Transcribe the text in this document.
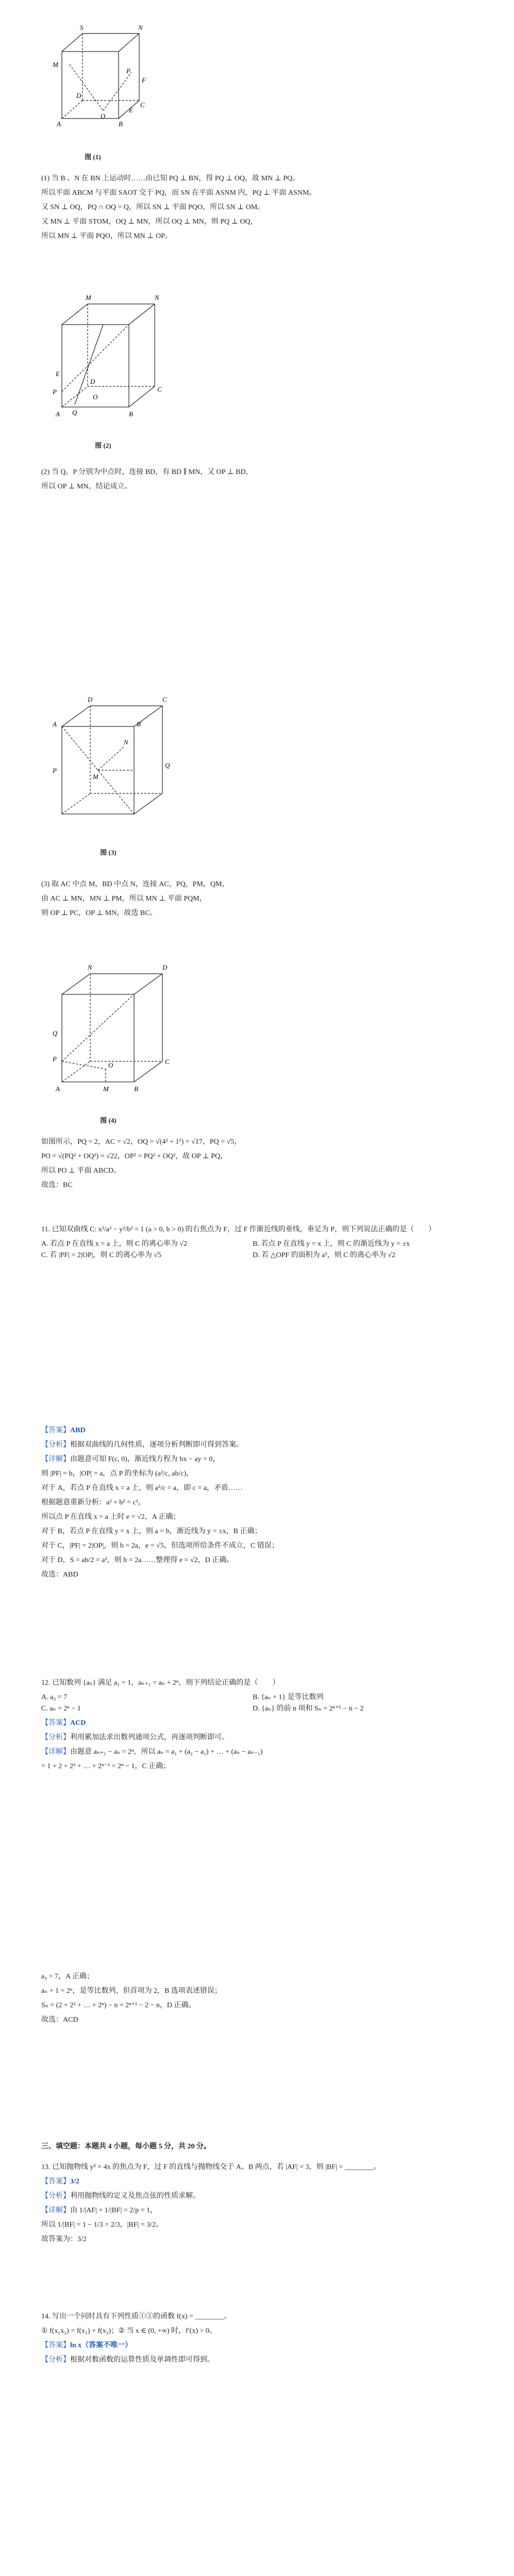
S	N
M
F
P
D
C
A	B
O
E
图 (1)
(1) 当 B 、N 在 BN 上运动时……由已知 PQ ⊥ BN，得 PQ ⊥ OQ，故 MN ⊥ PQ。
所以平面 ABCM 与平面 SAOT 交于 PQ，而 SN 在平面 ASNM 内，PQ ⊥ 平面 ASNM。
又 SN ⊥ OQ，PQ ∩ OQ = Q，所以 SN ⊥ 平面 PQO，所以 SN ⊥ OM。
又 MN ⊥ 平面 STOM，OQ ⊥ MN，所以 OQ ⊥ MN，则 PQ ⊥ OQ，
所以 MN ⊥ 平面 PQO，所以 MN ⊥ OP。
M	N
C
D
A	B
P
Q
E
O
图 (2)
(2) 当 Q、P 分别为中点时，连接 BD，有 BD ∥ MN，又 OP ⊥ BD，
所以 OP ⊥ MN，结论成立。
D	C
A	B
P
Q
M
N
图 (3)
(3) 取 AC 中点 M，BD 中点 N，连接 AC，PQ，PM，QM，
由 AC ⊥ MN，MN ⊥ PM，所以 MN ⊥ 平面 PQM，
则 OP ⊥ PC，OP ⊥ MN，故选 BC。
N	D
C
A	B
P
Q
O
M
图 (4)
如图所示，PQ = 2，AC = √2，OQ = √(4² + 1²) = √17，PQ = √5，
PO = √(PQ² + OQ²) = √22，OP² = PQ² + OQ²，故 OP ⊥ PQ，
所以 PO ⊥ 平面 ABCD。
故选：BC
11. 已知双曲线 C: x²/a² − y²/b² = 1 (a > 0, b > 0) 的右焦点为 F，过 F 作渐近线的垂线，垂足为 P，则下列说法正确的是（　　）
A. 若点 P 在直线 x = a 上，则 C 的离心率为 √2	B. 若点 P 在直线 y = x 上，则 C 的渐近线为 y = ±x C. 若 |PF| = 2|OP|，则 C 的离心率为 √5	D. 若 △OPF 的面积为 a²，则 C 的离心率为 √2
【答案】ABD
【分析】根据双曲线的几何性质，逐项分析判断即可得到答案。
【详解】由题意可知 F(c, 0)，渐近线方程为 bx − ay = 0，
则 |PF| = b，|OP| = a，点 P 的坐标为 (a²/c, ab/c)，
对于 A，若点 P 在直线 x = a 上，则 a²/c = a，即 c = a，矛盾……
根据题意重新分析：a² + b² = c²，
所以点 P 在直线 x = a 上时 e = √2，A 正确；
对于 B，若点 P 在直线 y = x 上，则 a = b，渐近线为 y = ±x，B 正确；
对于 C，|PF| = 2|OP|，则 b = 2a，e = √5，但选项所给条件不成立，C 错误；
对于 D，S = ab/2 = a²，则 b = 2a……整理得 e = √2，D 正确。
故选：ABD
12. 已知数列 {aₙ} 满足 a₁ = 1，aₙ₊₁ = aₙ + 2ⁿ，则下列结论正确的是（　　）
A. a₃ = 7	B. {aₙ + 1} 是等比数列 C. aₙ = 2ⁿ − 1	D. {aₙ} 的前 n 项和 Sₙ = 2ⁿ⁺¹ − n − 2
【答案】ACD
【分析】利用累加法求出数列通项公式，再逐项判断即可。
【详解】由题意 aₙ₊₁ − aₙ = 2ⁿ，所以 aₙ = a₁ + (a₂ − a₁) + … + (aₙ − aₙ₋₁)
= 1 + 2 + 2² + … + 2ⁿ⁻¹ = 2ⁿ − 1，C 正确；
a₃ = 7，A 正确；
aₙ + 1 = 2ⁿ，是等比数列，但首项为 2，B 选项表述错误；
Sₙ = (2 + 2² + … + 2ⁿ) − n = 2ⁿ⁺¹ − 2 − n，D 正确。
故选：ACD
三、填空题：本题共 4 小题，每小题 5 分，共 20 分。
13. 已知抛物线 y² = 4x 的焦点为 F，过 F 的直线与抛物线交于 A、B 两点，若 |AF| = 3，则 |BF| = ________。
【答案】3/2
【分析】利用抛物线的定义及焦点弦的性质求解。
【详解】由 1/|AF| + 1/|BF| = 2/p = 1，
所以 1/|BF| = 1 − 1/3 = 2/3，|BF| = 3/2。
故答案为：3/2
14. 写出一个同时具有下列性质①②的函数 f(x) = ________。
① f(x₁x₂) = f(x₁) + f(x₂)；② 当 x ∈ (0, +∞) 时，f′(x) > 0。
【答案】ln x（答案不唯一）
【分析】根据对数函数的运算性质及单调性即可得到。
